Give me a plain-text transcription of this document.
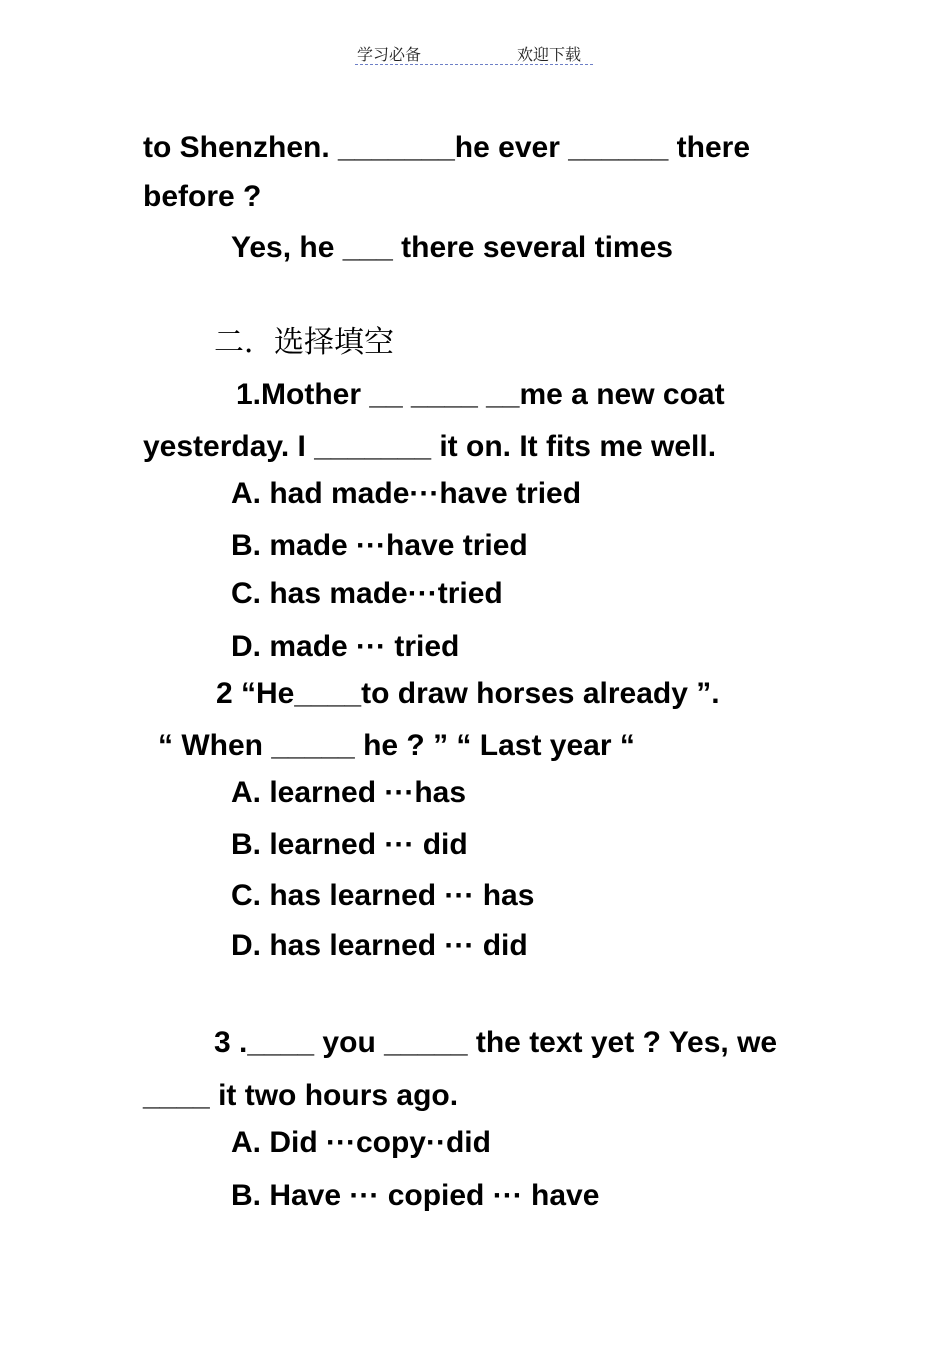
学习必备	欢迎下载
to Shenzhen. _______he ever ______ there
before ?
Yes, he ___ there several times
二．选择填空
1.Mother __ ____ __me a new coat
yesterday. I _______ it on. It fits me well.
A. had made···have tried
B. made ···have tried
C. has made···tried
D. made ··· tried
2 “He____to draw horses already ”.
“ When _____ he ? ” “ Last year “
A. learned ···has
B. learned ··· did
C. has learned ··· has
D. has learned ··· did
3 .____ you _____ the text yet ? Yes, we
____ it two hours ago.
A. Did ···copy··did
B. Have ··· copied ··· have
